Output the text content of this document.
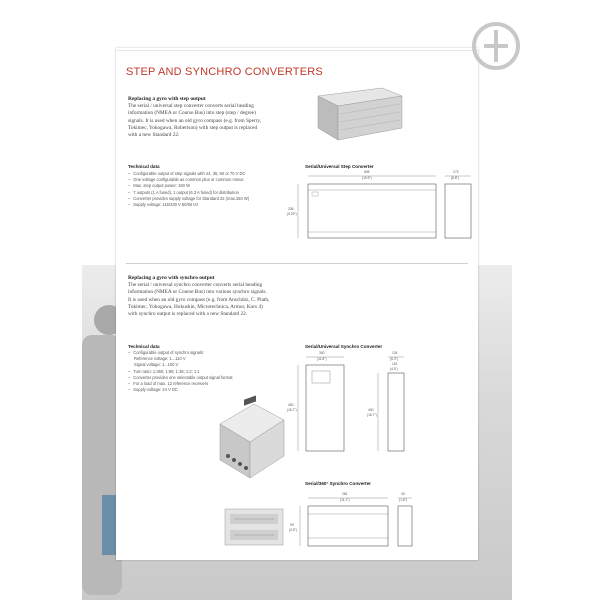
STEP AND SYNCHRO CONVERTERS
Replacing a gyro with step output
The serial / universal step converter converts serial heading
information (NMEA or Course Bus) into step (step / degree)
signals. It is used when an old gyro compass (e.g. from Sperry,
Tokimec, Yokogawa, Robertson) with step output is replaced
with a new Standard 22.
Technical data
– Configurable output of step signals with 24, 35, 50 or 70 V DC
– One voltage configurable as common plus or common minus
– Max. step output power: 150 W
– 7 outputs (1 A fused), 1 output (6.3 A fused) for distribution
– Converter provides supply voltage for Standard 22 (max.150 W)
– Supply voltage: 115/230 V 50/60 Hz
Serial/Universal Step Converter
505
(19.9")
236
(9.29")
173
(6.8")
Replacing a gyro with synchro output
The serial / universal synchro converter converts serial heading
information (NMEA or Course Bus) into various synchro signals.
It is used when an old gyro compass (e.g. from Anschütz, C. Plath,
Tokimec, Yokogawa, Hokushin, Microtechnica, Armor, Kurs 4)
with synchro output is replaced with a new Standard 22.
Technical data
– Configurable output of synchro signals:
Reference voltage: 1...110 V
Signal voltage: 1...100 V
– Turn ratio: 1:360; 1:90; 1:36; 1:2; 1:1
– Converter provides one selectable output signal format
– For a load of max. 12 reference receivers
– Supply voltage: 24 V DC
Serial/Universal Synchro Converter
300
(11.8")
400
(15.7")
134
(5.3")
115
(4.5")
400
(15.7")
Serial/360° Synchro Converter
281
(11.1")
90
(3.5")
40
(1.6")
